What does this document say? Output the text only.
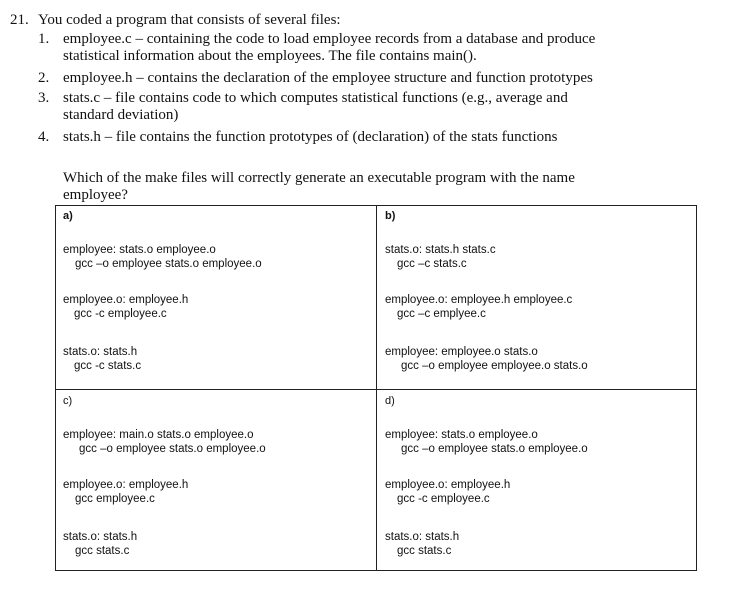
21. You coded a program that consists of several files:
1. employee.c – containing the code to load employee records from a database and produce
statistical information about the employees. The file contains main().
2. employee.h – contains the declaration of the employee structure and function prototypes
3. stats.c – file contains code to which computes statistical functions (e.g., average and
standard deviation)
4. stats.h – file contains the function prototypes of (declaration) of the stats functions
Which of the make files will correctly generate an executable program with the name
employee?
a)
employee: stats.o employee.o
gcc –o employee stats.o employee.o
employee.o: employee.h
gcc -c employee.c
stats.o: stats.h
gcc -c stats.c
b)
stats.o: stats.h stats.c
gcc –c stats.c
employee.o: employee.h employee.c
gcc –c emplyee.c
employee: employee.o stats.o
gcc –o employee employee.o stats.o
c)
employee: main.o stats.o employee.o
gcc –o employee stats.o employee.o
employee.o: employee.h
gcc employee.c
stats.o: stats.h
gcc stats.c
d)
employee: stats.o employee.o
gcc –o employee stats.o employee.o
employee.o: employee.h
gcc -c employee.c
stats.o: stats.h
gcc stats.c
